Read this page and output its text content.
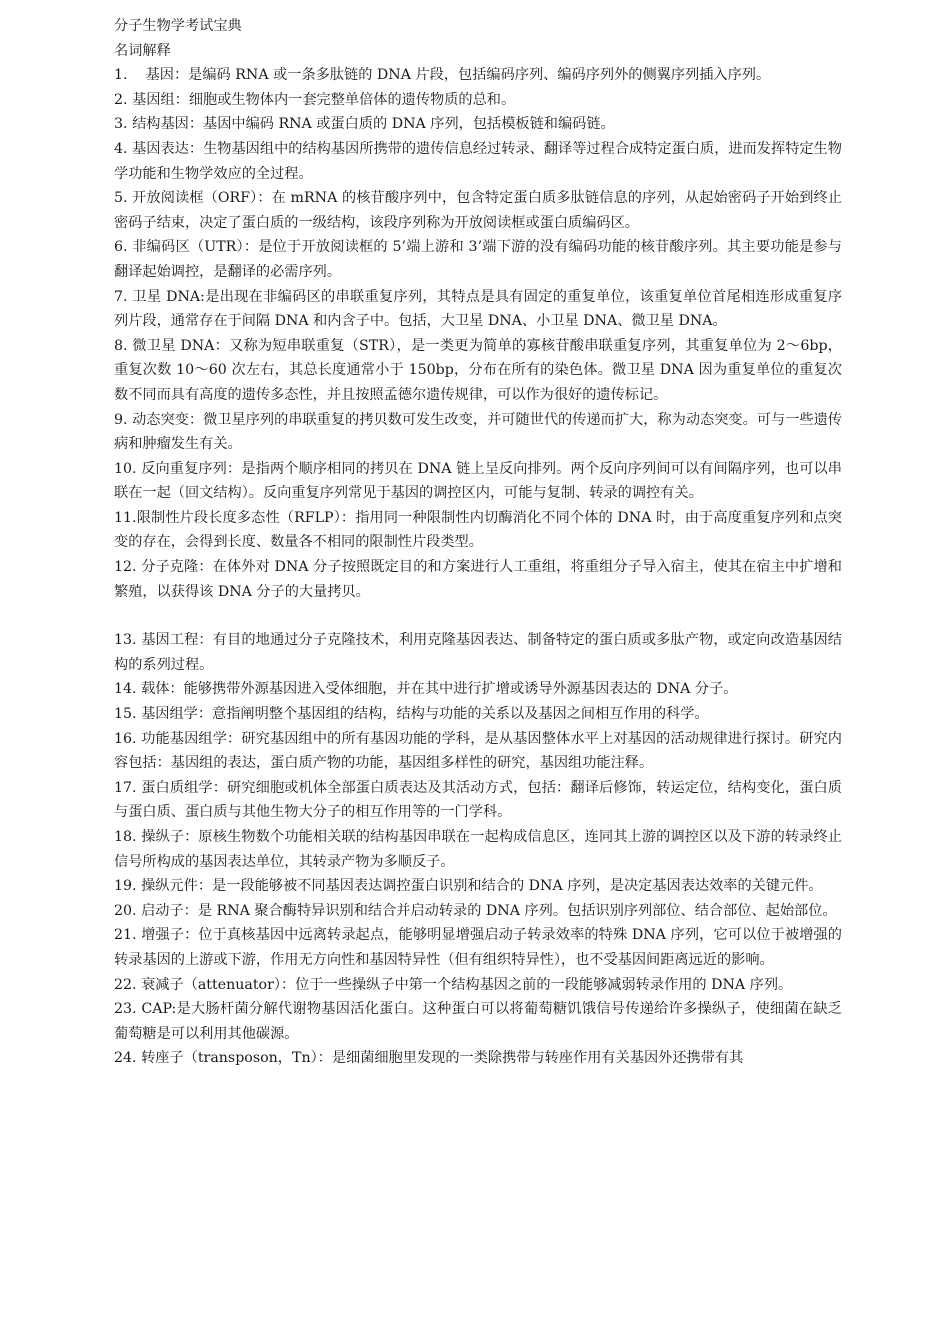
分子生物学考试宝典
名词解释
1. 基因：是编码 RNA 或一条多肽链的 DNA 片段，包括编码序列、编码序列外的侧翼序列插入序列。
2. 基因组：细胞或生物体内一套完整单倍体的遗传物质的总和。
3. 结构基因：基因中编码 RNA 或蛋白质的 DNA 序列，包括模板链和编码链。
4. 基因表达：生物基因组中的结构基因所携带的遗传信息经过转录、翻译等过程合成特定蛋白质，进而发挥特定生物学功能和生物学效应的全过程。
5. 开放阅读框（ORF）：在 mRNA 的核苷酸序列中，包含特定蛋白质多肽链信息的序列，从起始密码子开始到终止密码子结束，决定了蛋白质的一级结构，该段序列称为开放阅读框或蛋白质编码区。
6. 非编码区（UTR）：是位于开放阅读框的 5’端上游和 3’端下游的没有编码功能的核苷酸序列。其主要功能是参与翻译起始调控，是翻译的必需序列。
7. 卫星 DNA:是出现在非编码区的串联重复序列，其特点是具有固定的重复单位，该重复单位首尾相连形成重复序列片段，通常存在于间隔 DNA 和内含子中。包括，大卫星 DNA、小卫星 DNA、微卫星 DNA。
8. 微卫星 DNA：又称为短串联重复（STR），是一类更为简单的寡核苷酸串联重复序列，其重复单位为 2～6bp，重复次数 10～60 次左右，其总长度通常小于 150bp，分布在所有的染色体。微卫星 DNA 因为重复单位的重复次数不同而具有高度的遗传多态性，并且按照孟德尔遗传规律，可以作为很好的遗传标记。
9. 动态突变：微卫星序列的串联重复的拷贝数可发生改变，并可随世代的传递而扩大，称为动态突变。可与一些遗传病和肿瘤发生有关。
10. 反向重复序列：是指两个顺序相同的拷贝在 DNA 链上呈反向排列。两个反向序列间可以有间隔序列，也可以串联在一起（回文结构）。反向重复序列常见于基因的调控区内，可能与复制、转录的调控有关。
11.限制性片段长度多态性（RFLP）：指用同一种限制性内切酶消化不同个体的 DNA 时，由于高度重复序列和点突变的存在，会得到长度、数量各不相同的限制性片段类型。
12. 分子克隆：在体外对 DNA 分子按照既定目的和方案进行人工重组，将重组分子导入宿主，使其在宿主中扩增和繁殖，以获得该 DNA 分子的大量拷贝。
13. 基因工程：有目的地通过分子克隆技术，利用克隆基因表达、制备特定的蛋白质或多肽产物，或定向改造基因结构的系列过程。
14. 载体：能够携带外源基因进入受体细胞，并在其中进行扩增或诱导外源基因表达的 DNA 分子。
15. 基因组学：意指阐明整个基因组的结构，结构与功能的关系以及基因之间相互作用的科学。
16. 功能基因组学：研究基因组中的所有基因功能的学科，是从基因整体水平上对基因的活动规律进行探讨。研究内容包括：基因组的表达，蛋白质产物的功能，基因组多样性的研究，基因组功能注释。
17. 蛋白质组学：研究细胞或机体全部蛋白质表达及其活动方式，包括：翻译后修饰，转运定位，结构变化，蛋白质与蛋白质、蛋白质与其他生物大分子的相互作用等的一门学科。
18. 操纵子：原核生物数个功能相关联的结构基因串联在一起构成信息区，连同其上游的调控区以及下游的转录终止信号所构成的基因表达单位，其转录产物为多顺反子。
19. 操纵元件：是一段能够被不同基因表达调控蛋白识别和结合的 DNA 序列，是决定基因表达效率的关键元件。
20. 启动子：是 RNA 聚合酶特异识别和结合并启动转录的 DNA 序列。包括识别序列部位、结合部位、起始部位。
21. 增强子：位于真核基因中远离转录起点，能够明显增强启动子转录效率的特殊 DNA 序列，它可以位于被增强的转录基因的上游或下游，作用无方向性和基因特异性（但有组织特异性），也不受基因间距离远近的影响。
22. 衰减子（attenuator）：位于一些操纵子中第一个结构基因之前的一段能够减弱转录作用的 DNA 序列。
23. CAP:是大肠杆菌分解代谢物基因活化蛋白。这种蛋白可以将葡萄糖饥饿信号传递给许多操纵子，使细菌在缺乏葡萄糖是可以利用其他碳源。
24. 转座子（transposon，Tn）：是细菌细胞里发现的一类除携带与转座作用有关基因外还携带有其
